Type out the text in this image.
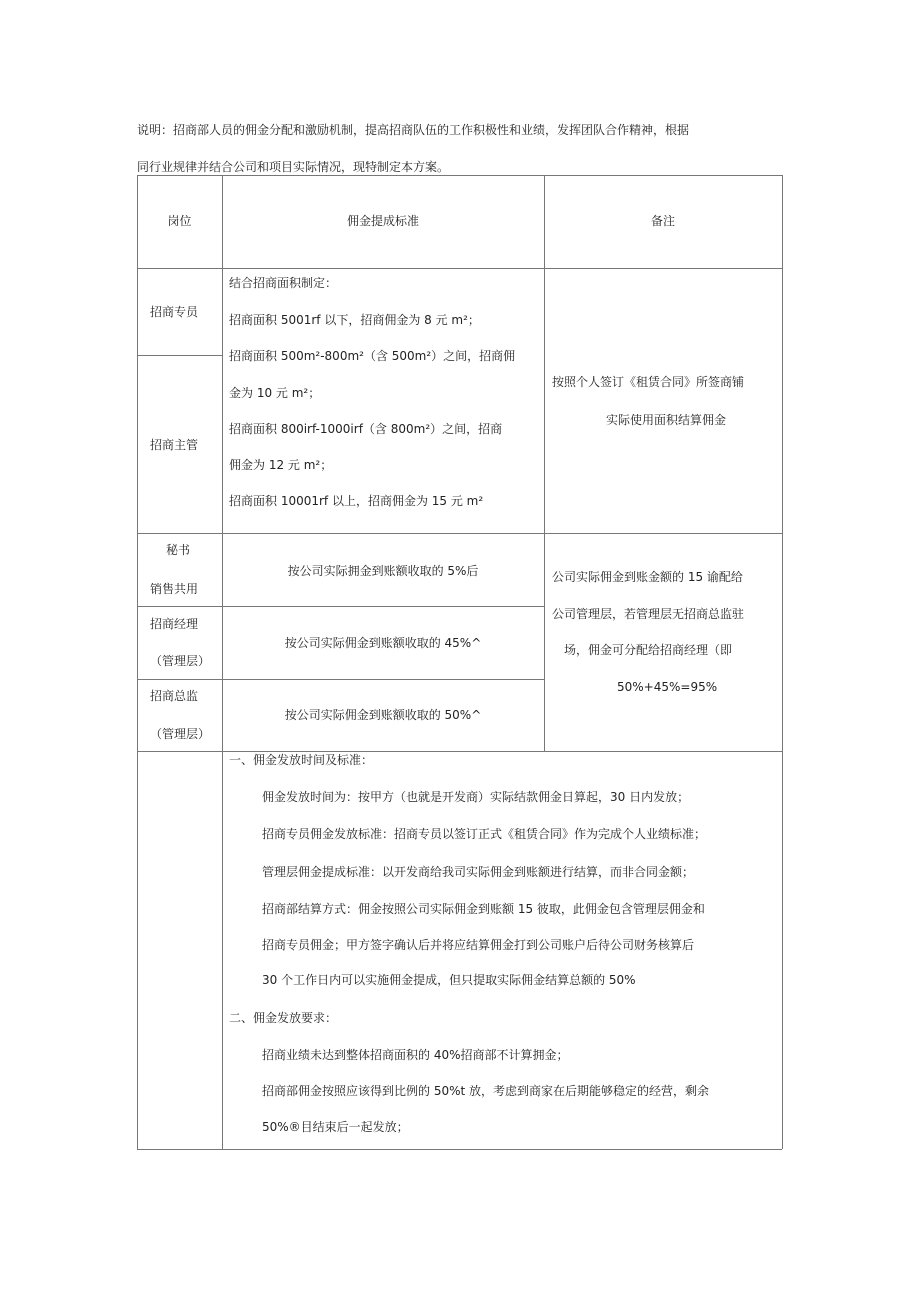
说明：招商部人员的佣金分配和激励机制，提高招商队伍的工作积极性和业绩，发挥团队合作精神，根据
同行业规律并结合公司和项目实际情况，现特制定本方案。
岗位	佣金提成标准	备注
招商专员
招商主管
结合招商面积制定：
招商面积 5001rf 以下，招商佣金为 8 元 m²；
招商面积 500m²-800m²（含 500m²）之间，招商佣
金为 10 元 m²；
招商面积 800irf-1000irf（含 800m²）之间，招商
佣金为 12 元 m²；
招商面积 10001rf 以上，招商佣金为 15 元 m²
按照个人签订《租赁合同》所签商铺
实际使用面积结算佣金
秘书
销售共用
按公司实际拥金到账额收取的 5%后
招商经理
（管理层）
按公司实际佣金到账额收取的 45%^
招商总监
（管理层）
按公司实际佣金到账额收取的 50%^
公司实际佣金到账金额的 15 谕配给
公司管理层，若管理层无招商总监驻
场，佣金可分配给招商经理（即
50%+45%=95%
一、佣金发放时间及标准：
佣金发放时间为：按甲方（也就是开发商）实际结款佣金日算起，30 日内发放；
招商专员佣金发放标准：招商专员以签订正式《租赁合同》作为完成个人业绩标准；
管理层佣金提成标准：以开发商给我司实际佣金到账额进行结算，而非合同金额；
招商部结算方式：佣金按照公司实际佣金到账额 15 彼取，此佣金包含管理层佣金和
招商专员佣金；甲方签字确认后并将应结算佣金打到公司账户后待公司财务核算后
30 个工作日内可以实施佣金提成，但只提取实际佣金结算总额的 50%
二、佣金发放要求：
招商业绩未达到整体招商面积的 40%招商部不计算拥金；
招商部佣金按照应该得到比例的 50%t 放，考虑到商家在后期能够稳定的经营，剩余
50%®目结束后一起发放；
